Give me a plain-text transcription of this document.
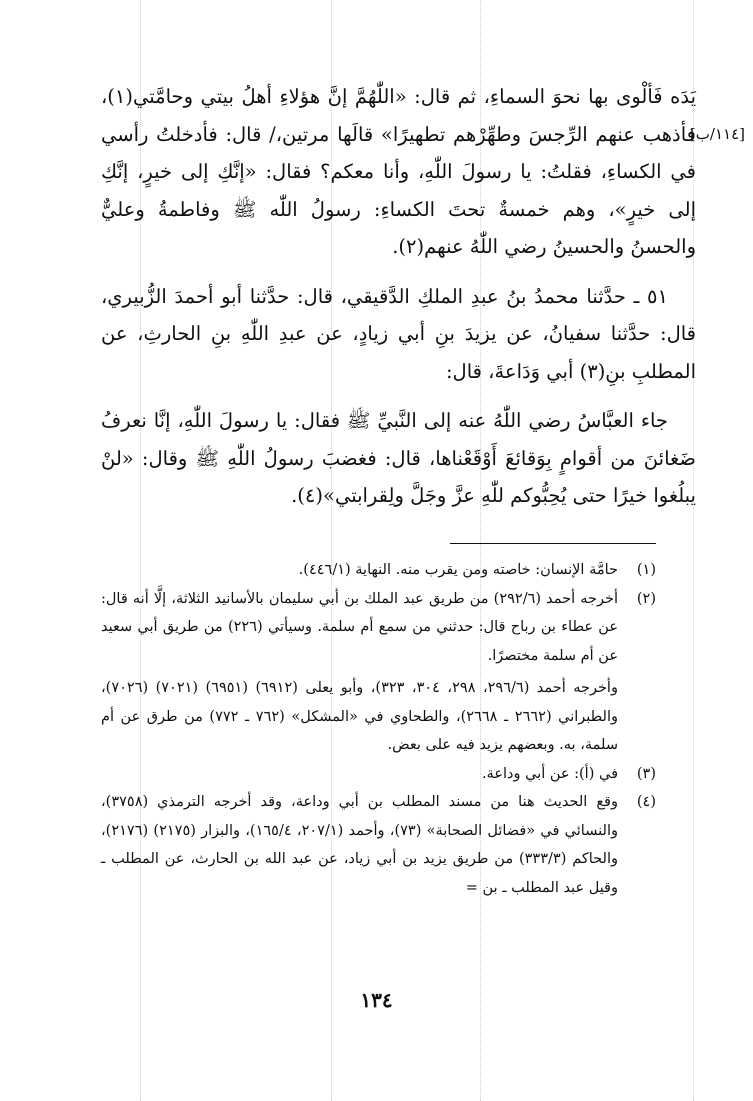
[١١٤/ب]

يَدَه فَألْوى بها نحوَ السماءِ، ثم قال: «اللّٰهُمَّ إنَّ هؤلاءِ أهلُ بيتي وحامَّتي(١)، فأذهب عنهم الرِّجسَ وطهِّرْهم تطهيرًا» قالَها مرتين،/ قال: فأدخلتُ رأسي في الكساءِ، فقلتُ: يا رسولَ اللّٰهِ، وأنا معكم؟ فقال: «إنَّكِ إلى خيرٍ، إنَّكِ إلى خيرٍ»، وهم خمسةٌ تحتَ الكساءِ: رسولُ اللّٰه ﷺ وفاطمةُ وعليٌّ والحسنُ والحسينُ رضي اللّٰهُ عنهم(٢).

٥١ ـ حدَّثنا محمدُ بنُ عبدِ الملكِ الدَّقيقي، قال: حدَّثنا أبو أحمدَ الزُّبيري، قال: حدَّثنا سفيانُ، عن يزيدَ بنِ أبي زيادٍ، عن عبدِ اللّٰهِ بنِ الحارثِ، عن المطلبِ بنِ(٣) أبي وَدَاعةَ، قال:

جاء العبَّاسُ رضي اللّٰهُ عنه إلى النَّبيِّ ﷺ فقال: يا رسولَ اللّٰهِ، إنَّا نعرفُ ضَغائنَ من أقوامٍ بِوَقائعَ أَوْقَعْناها، قال: فغضبَ رسولُ اللّٰهِ ﷺ وقال: «لنْ يبلُغوا خيرًا حتى يُحِبُّوكم للّٰهِ عزَّ وجَلَّ ولِقرابتي»(٤).

(١)

حامَّة الإنسان: خاصته ومن يقرب منه. النهاية (٤٤٦/١).

(٢)

أخرجه أحمد (٢٩٢/٦) من طريق عبد الملك بن أبي سليمان بالأسانيد الثلاثة، إلَّا أنه قال: عن عطاء بن رباح قال: حدثني من سمع أم سلمة. وسيأتي (٢٢٦) من طريق أبي سعيد عن أم سلمة مختصرًا.

وأخرجه أحمد (٢٩٦/٦، ٢٩٨، ٣٠٤، ٣٢٣)، وأبو يعلى (٦٩١٢) (٦٩٥١) (٧٠٢١) (٧٠٢٦)، والطبراني (٢٦٦٢ ـ ٢٦٦٨)، والطحاوي في «المشكل» (٧٦٢ ـ ٧٧٢) من طرق عن أم سلمة، به. وبعضهم يزيد فيه على بعض.

(٣)

في (أ): عن أبي وداعة.

(٤)

وقع الحديث هنا من مسند المطلب بن أبي وداعة، وقد أخرجه الترمذي (٣٧٥٨)، والنسائي في «فضائل الصحابة» (٧٣)، وأحمد (٢٠٧/١، ١٦٥/٤)، والبزار (٢١٧٥) (٢١٧٦)، والحاكم (٣٣٣/٣) من طريق يزيد بن أبي زياد، عن عبد الله بن الحارث، عن المطلب ـ وقيل عبد المطلب ـ بن =

١٣٤
